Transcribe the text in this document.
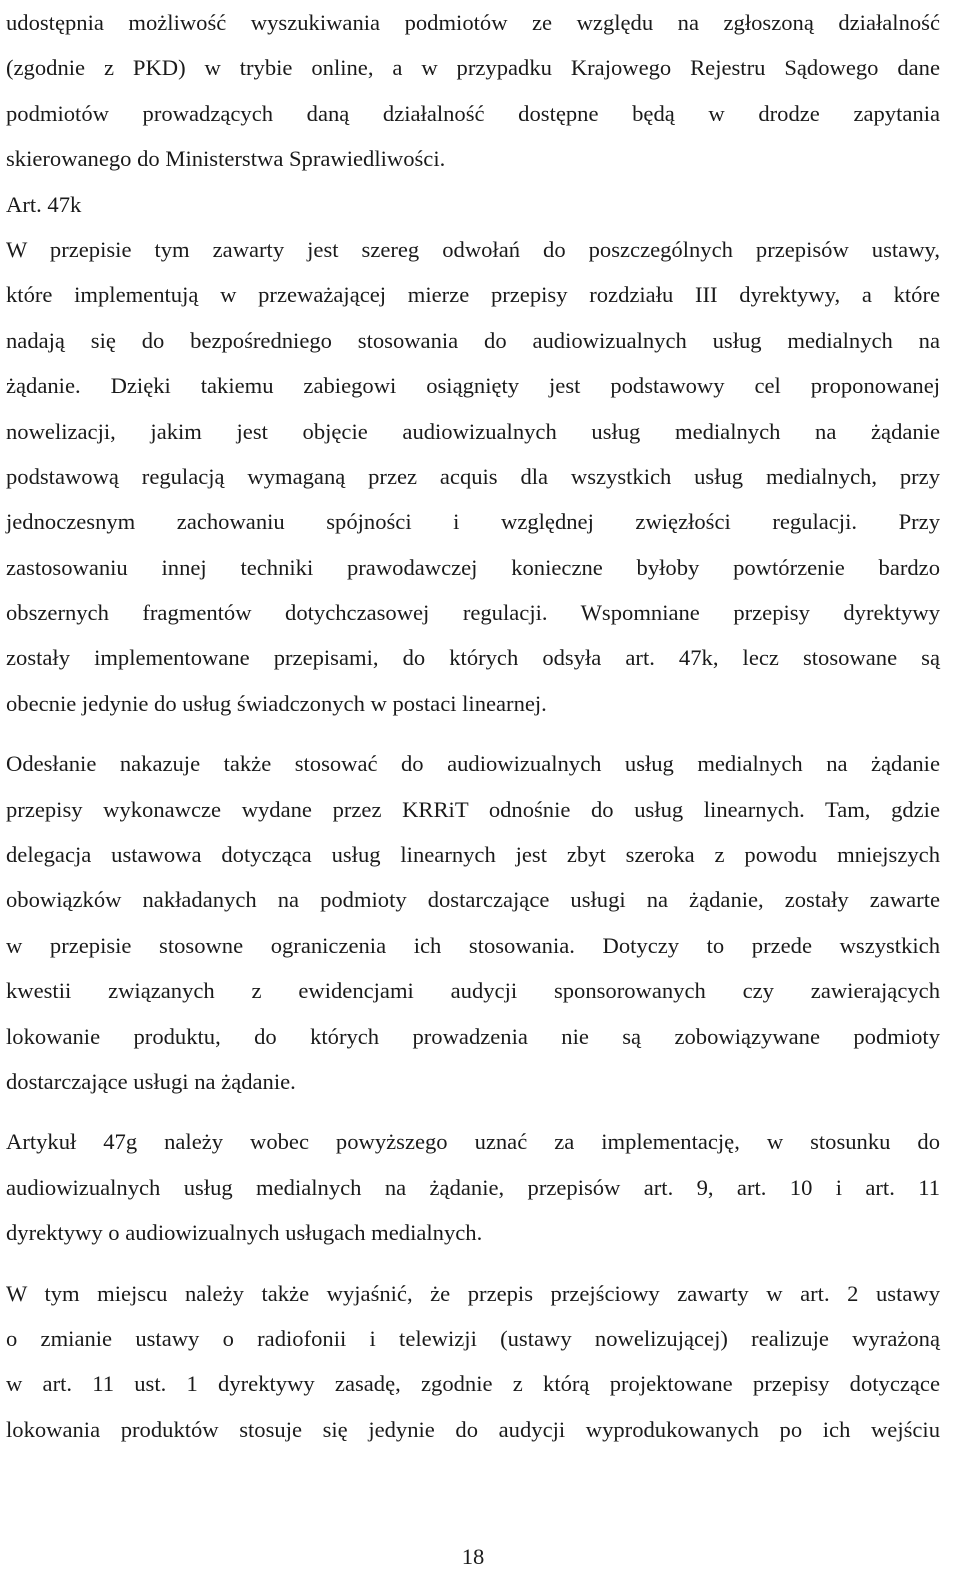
udostępnia możliwość wyszukiwania podmiotów ze względu na zgłoszoną działalność
(zgodnie z PKD) w trybie online, a w przypadku Krajowego Rejestru Sądowego dane
podmiotów prowadzących daną działalność dostępne będą w drodze zapytania
skierowanego do Ministerstwa Sprawiedliwości.
Art. 47k
W przepisie tym zawarty jest szereg odwołań do poszczególnych przepisów ustawy,
które implementują w przeważającej mierze przepisy rozdziału III dyrektywy, a które
nadają się do bezpośredniego stosowania do audiowizualnych usług medialnych na
żądanie. Dzięki takiemu zabiegowi osiągnięty jest podstawowy cel proponowanej
nowelizacji, jakim jest objęcie audiowizualnych usług medialnych na żądanie
podstawową regulacją wymaganą przez acquis dla wszystkich usług medialnych, przy
jednoczesnym zachowaniu spójności i względnej zwięzłości regulacji. Przy
zastosowaniu innej techniki prawodawczej konieczne byłoby powtórzenie bardzo
obszernych fragmentów dotychczasowej regulacji. Wspomniane przepisy dyrektywy
zostały implementowane przepisami, do których odsyła art. 47k, lecz stosowane są
obecnie jedynie do usług świadczonych w postaci linearnej.
Odesłanie nakazuje także stosować do audiowizualnych usług medialnych na żądanie
przepisy wykonawcze wydane przez KRRiT odnośnie do usług linearnych. Tam, gdzie
delegacja ustawowa dotycząca usług linearnych jest zbyt szeroka z powodu mniejszych
obowiązków nakładanych na podmioty dostarczające usługi na żądanie, zostały zawarte
w przepisie stosowne ograniczenia ich stosowania. Dotyczy to przede wszystkich
kwestii związanych z ewidencjami audycji sponsorowanych czy zawierających
lokowanie produktu, do których prowadzenia nie są zobowiązywane podmioty
dostarczające usługi na żądanie.
Artykuł 47g należy wobec powyższego uznać za implementację, w stosunku do
audiowizualnych usług medialnych na żądanie, przepisów art. 9, art. 10 i art. 11
dyrektywy o audiowizualnych usługach medialnych.
W tym miejscu należy także wyjaśnić, że przepis przejściowy zawarty w art. 2 ustawy
o zmianie ustawy o radiofonii i telewizji (ustawy nowelizującej) realizuje wyrażoną
w art. 11 ust. 1 dyrektywy zasadę, zgodnie z którą projektowane przepisy dotyczące
lokowania produktów stosuje się jedynie do audycji wyprodukowanych po ich wejściu
18
